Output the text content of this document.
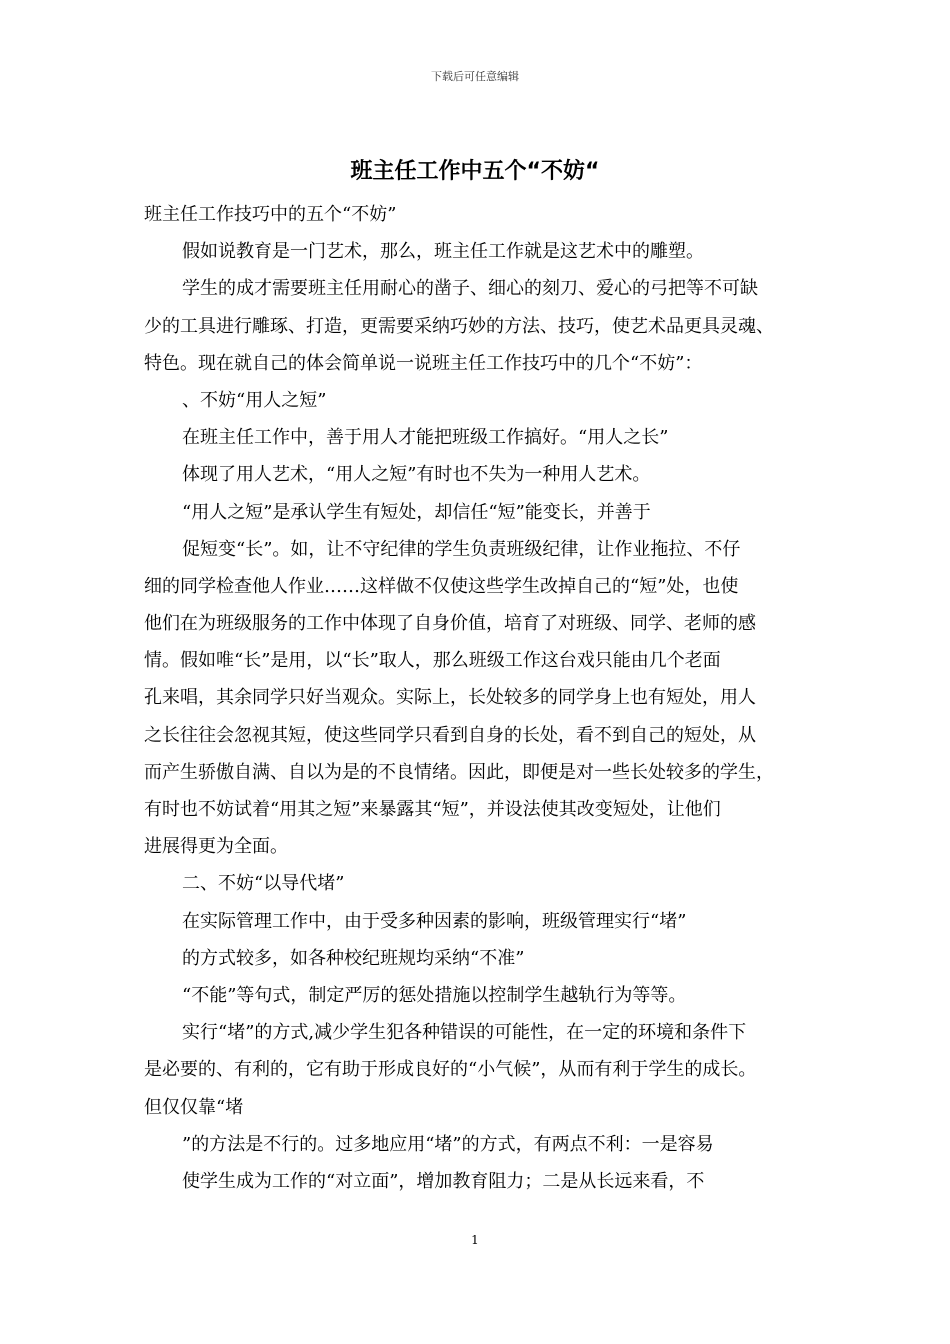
下载后可任意编辑
班主任工作中五个“不妨“
班主任工作技巧中的五个“不妨”
假如说教育是一门艺术，那么，班主任工作就是这艺术中的雕塑。
学生的成才需要班主任用耐心的凿子、细心的刻刀、爱心的弓把等不可缺
少的工具进行雕琢、打造，更需要采纳巧妙的方法、技巧，使艺术品更具灵魂、
特色。现在就自己的体会简单说一说班主任工作技巧中的几个“不妨”：
、不妨“用人之短”
在班主任工作中，善于用人才能把班级工作搞好。“用人之长”
体现了用人艺术，“用人之短”有时也不失为一种用人艺术。
“用人之短”是承认学生有短处，却信任“短”能变长，并善于
促短变“长”。如，让不守纪律的学生负责班级纪律，让作业拖拉、不仔
细的同学检查他人作业……这样做不仅使这些学生改掉自己的“短”处，也使
他们在为班级服务的工作中体现了自身价值，培育了对班级、同学、老师的感
情。假如唯“长”是用，以“长”取人，那么班级工作这台戏只能由几个老面
孔来唱，其余同学只好当观众。实际上，长处较多的同学身上也有短处，用人
之长往往会忽视其短，使这些同学只看到自身的长处，看不到自己的短处，从
而产生骄傲自满、自以为是的不良情绪。因此，即便是对一些长处较多的学生，
有时也不妨试着“用其之短”来暴露其“短”，并设法使其改变短处，让他们
进展得更为全面。
二、不妨“以导代堵”
在实际管理工作中，由于受多种因素的影响，班级管理实行“堵”
的方式较多，如各种校纪班规均采纳“不准”
“不能”等句式，制定严厉的惩处措施以控制学生越轨行为等等。
实行“堵”的方式,减少学生犯各种错误的可能性，在一定的环境和条件下
是必要的、有利的，它有助于形成良好的“小气候”，从而有利于学生的成长。
但仅仅靠“堵
”的方法是不行的。过多地应用“堵”的方式，有两点不利：一是容易
使学生成为工作的“对立面”，增加教育阻力；二是从长远来看，不
1
